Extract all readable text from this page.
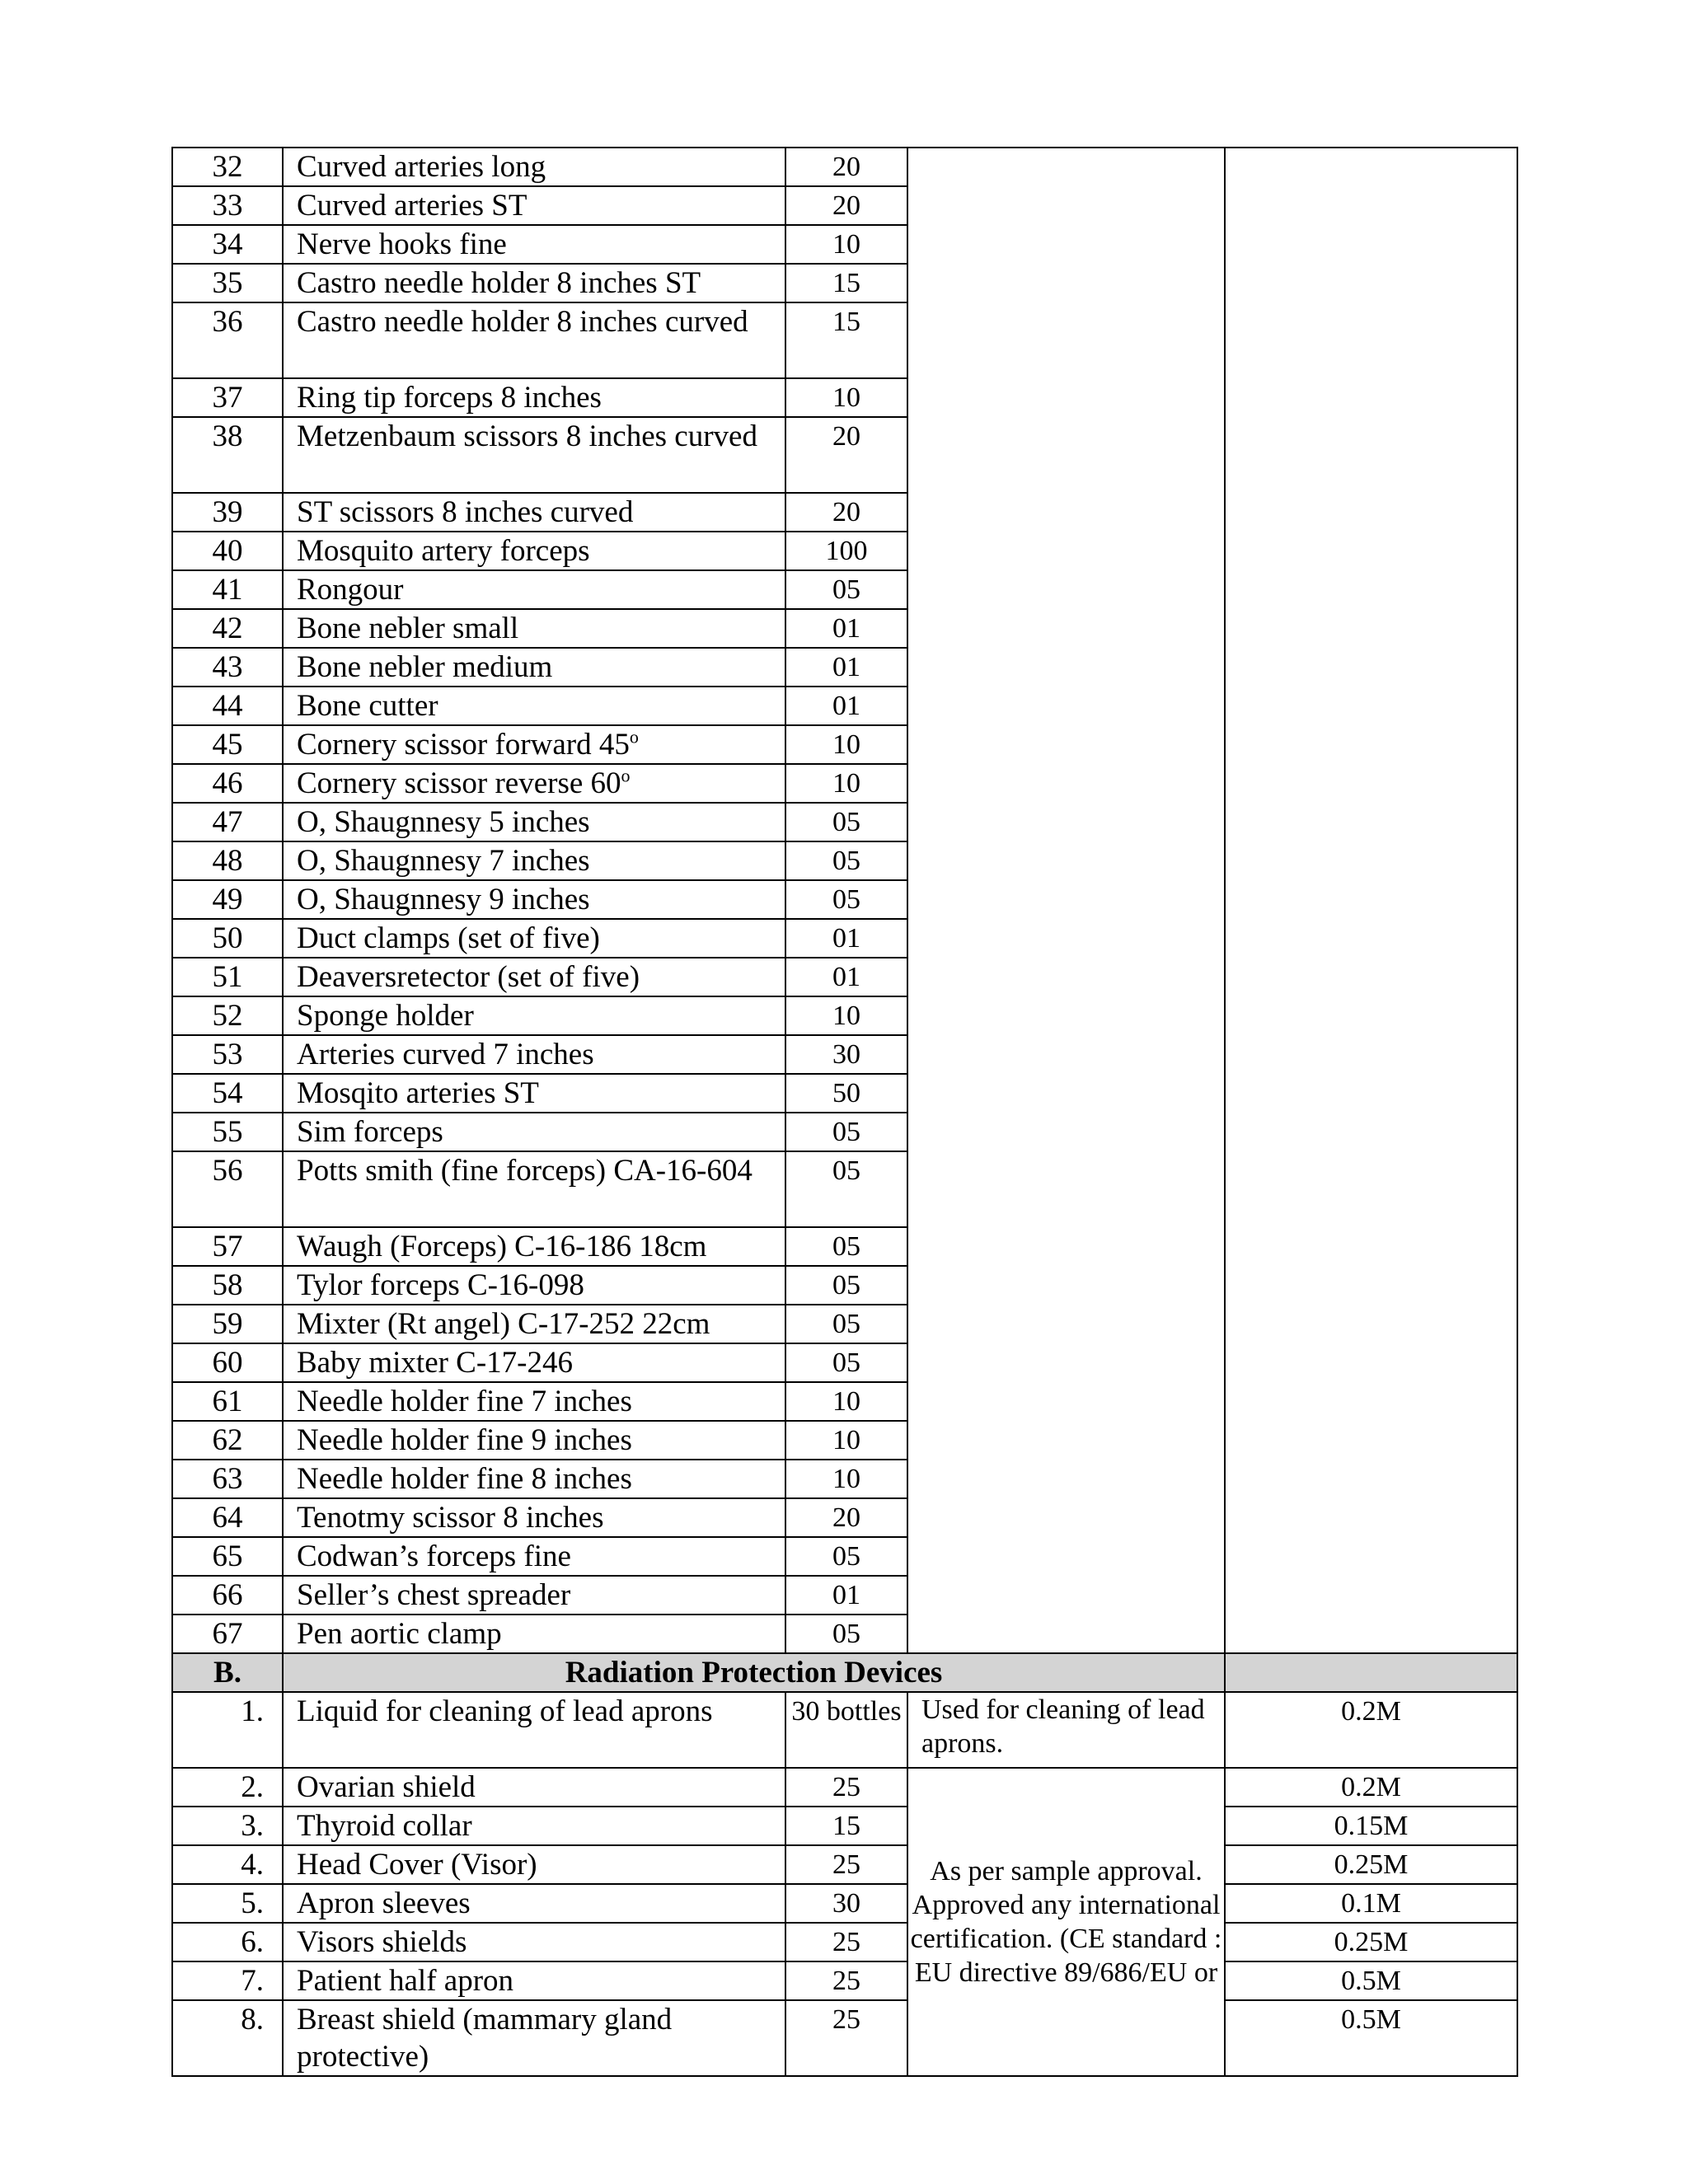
32	Curved arteries long	20		
33	Curved arteries ST	20		
34	Nerve hooks fine	10		
35	Castro needle holder 8 inches ST	15		
36	Castro needle holder 8 inches curved	15		
37	Ring tip forceps 8 inches	10		
38	Metzenbaum scissors 8 inches curved	20		
39	ST scissors 8 inches curved	20		
40	Mosquito artery forceps	100		
41	Rongour	05		
42	Bone nebler small	01		
43	Bone nebler medium	01		
44	Bone cutter	01		
45	Cornery scissor forward 45$^o$	10		
46	Cornery scissor reverse 60$^o$	10		
47	O, Shaugnnesy 5 inches	05		
48	O, Shaugnnesy 7 inches	05		
49	O, Shaugnnesy 9 inches	05		
50	Duct clamps (set of five)	01		
51	Deaversretector (set of five)	01		
52	Sponge holder	10		
53	Arteries curved 7 inches	30		
54	Mosqito arteries ST	50		
55	Sim forceps	05		
56	Potts smith (fine forceps) CA-16-604	05		
57	Waugh (Forceps) C-16-186 18cm	05		
58	Tylor forceps C-16-098	05		
59	Mixter (Rt angel) C-17-252 22cm	05		
60	Baby mixter C-17-246	05		
61	Needle holder fine 7 inches	10		
62	Needle holder fine 9 inches	10		
63	Needle holder fine 8 inches	10		
64	Tenotmy scissor 8 inches	20		
65	Codwan’s forceps fine	05		
66	Seller’s chest spreader	01		
67	Pen aortic clamp	05		
B.	Radiation Protection Devices			
1.	Liquid for cleaning of lead aprons	30 bottles	Used for cleaning of lead aprons.	0.2M
2.	Ovarian shield	25	As per sample approval. Approved any international certification. (CE standard : EU directive 89/686/EU or	0.2M
3.	Thyroid collar	15		0.15M
4.	Head Cover (Visor)	25		0.25M
5.	Apron sleeves	30		0.1M
6.	Visors shields	25		0.25M
7.	Patient half apron	25		0.5M
8.	Breast shield (mammary gland protective)	25		0.5M
